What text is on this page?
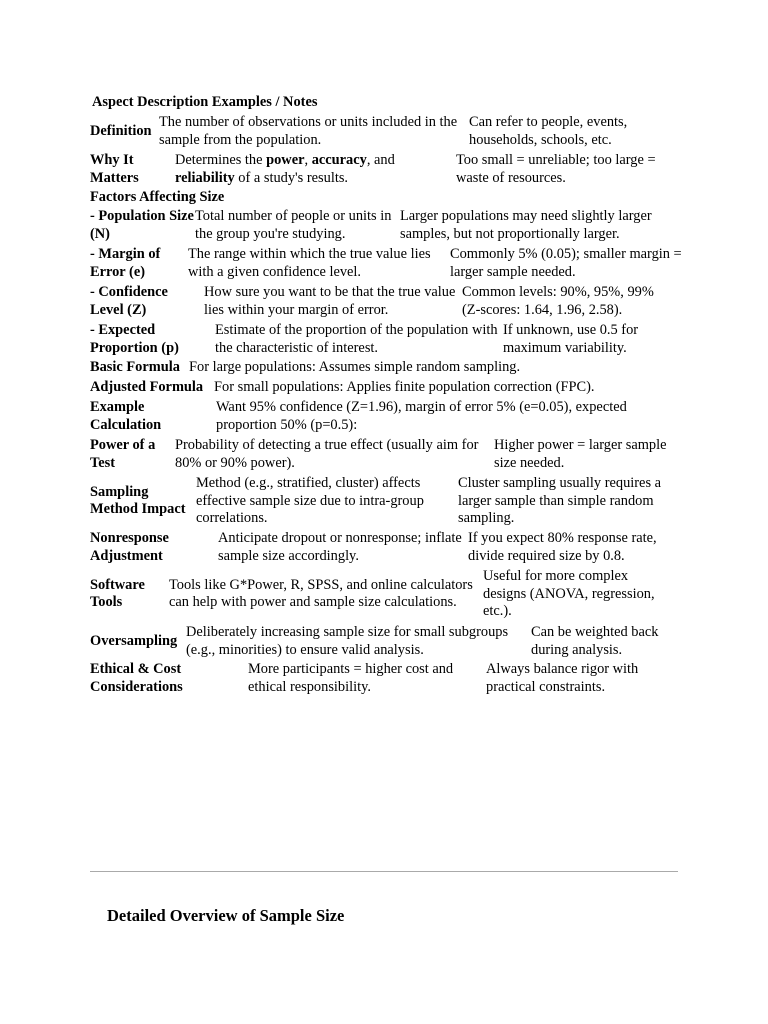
Aspect Description Examples / Notes
Definition
The number of observations or units included in the sample from the population.
Can refer to people, events, households, schools, etc.
Why It Matters
Determines the power, accuracy, and reliability of a study's results.
Too small = unreliable; too large = waste of resources.
Factors Affecting Size
- Population Size (N)
Total number of people or units in the group you're studying.
Larger populations may need slightly larger samples, but not proportionally larger.
- Margin of Error (e)
The range within which the true value lies with a given confidence level.
Commonly 5% (0.05); smaller margin = larger sample needed.
- Confidence Level (Z)
How sure you want to be that the true value lies within your margin of error.
Common levels: 90%, 95%, 99% (Z-scores: 1.64, 1.96, 2.58).
- Expected Proportion (p)
Estimate of the proportion of the population with the characteristic of interest.
If unknown, use 0.5 for maximum variability.
Basic Formula For large populations: Assumes simple random sampling.
Adjusted Formula For small populations: Applies finite population correction (FPC).
Example Calculation
Want 95% confidence (Z=1.96), margin of error 5% (e=0.05), expected proportion 50% (p=0.5):
Power of a Test
Probability of detecting a true effect (usually aim for 80% or 90% power).
Higher power = larger sample size needed.
Sampling Method Impact
Method (e.g., stratified, cluster) affects effective sample size due to intra-group correlations.
Cluster sampling usually requires a larger sample than simple random sampling.
Nonresponse Adjustment
Anticipate dropout or nonresponse; inflate sample size accordingly.
If you expect 80% response rate, divide required size by 0.8.
Software Tools
Tools like G*Power, R, SPSS, and online calculators can help with power and sample size calculations.
Useful for more complex designs (ANOVA, regression, etc.).
Oversampling
Deliberately increasing sample size for small subgroups (e.g., minorities) to ensure valid analysis.
Can be weighted back during analysis.
Ethical & Cost Considerations
More participants = higher cost and ethical responsibility.
Always balance rigor with practical constraints.
Detailed Overview of Sample Size
